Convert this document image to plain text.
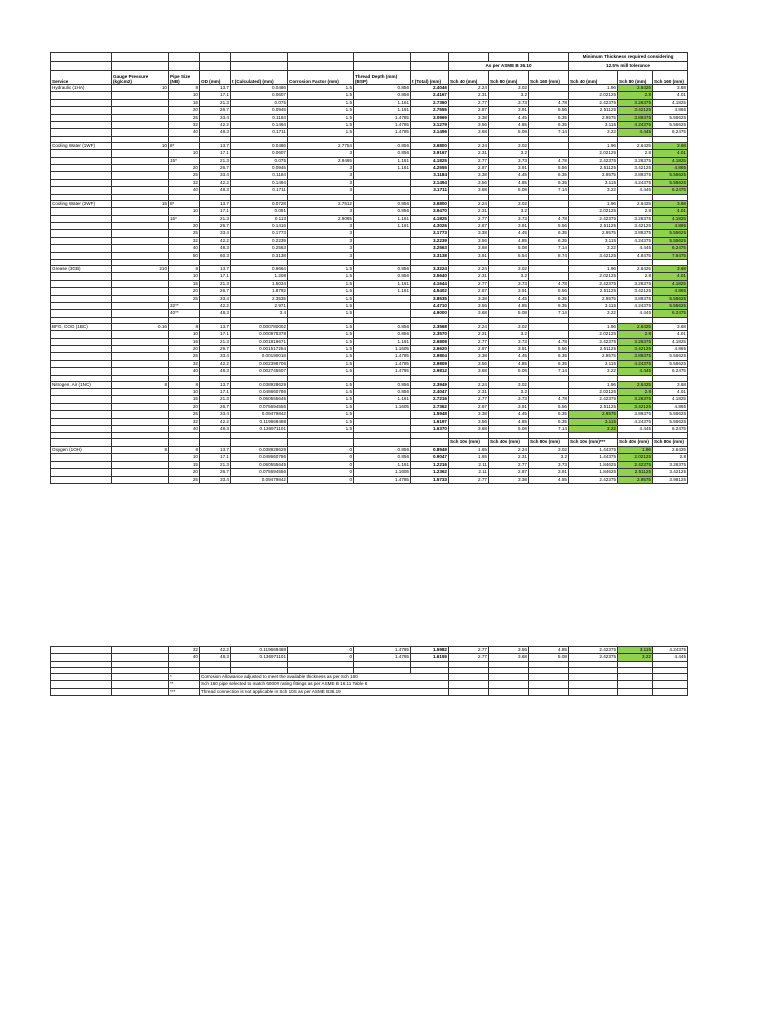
											Minimum Thickness required considering		
								As per ASME B 36.10			12.5% mill tolerance		
Service	Gauge Pressure (kg/cm2)	Pipe Size (NB)	OD (mm)	t (Calculated) (mm)	Corrosion Factor (mm)	Thread Depth (mm) (BSP)	t (Total) (mm)	Sch 40 (mm)	Sch 80 (mm)	Sch 160 (mm)	Sch 40 (mm)	Sch 80 (mm)	Sch 160 (mm)
Hydraulic (1HA)	10	8	13.7	0.0486	1.5	0.856	2.4046	2.24	3.02		1.96	2.6425	3.68
		10	17.1	0.0607	1.5	0.856	2.4167	2.31	3.2		2.02125	2.8	4.01
		15	21.3	0.075	1.5	1.161	2.7360	2.77	3.73	4.78	2.42375	3.26375	4.1825
		20	26.7	0.0945	1.5	1.161	2.7555	2.87	3.91	5.56	2.51125	3.42125	4.865
		25	33.4	0.1184	1.5	1.4785	3.0969	3.38	4.45	6.35	2.9575	3.89375	5.55625
		32	42.2	0.1494	1.5	1.4785	3.1279	3.56	4.85	6.35	3.115	4.24375	5.55625
		40	48.3	0.1711	1.5	1.4785	3.1496	3.68	5.08	7.14	3.22	4.445	6.2475

Cooling Water (1WF)	10	8*	13.7	0.0486	2.7754	0.856	3.6800	2.24	3.02		1.96	2.6425	3.68
		10	17.1	0.0607	3	0.856	3.9167	2.31	3.2		2.02125	2.8	4.01
		15*	21.3	0.075	2.9465	1.161	4.1825	2.77	3.73	4.78	2.42375	3.26375	4.1825
		20	26.7	0.0945	3	1.161	4.2555	2.87	3.91	5.56	2.51125	3.42125	4.865
		25	33.4	0.1184	3		3.1184	3.38	4.45	6.35	2.9575	3.89375	5.55625
		32	42.2	0.1494	3		3.1494	3.56	4.85	6.35	3.115	4.24375	5.55625
		40	48.3	0.1711	3		3.1711	3.68	5.08	7.14	3.22	4.445	6.2475

Cooling Water (2WF)	15	8*	13.7	0.0728	2.7512	0.856	3.6800	2.24	3.02		1.96	2.6425	3.68
		10	17.1	0.091	3	0.856	3.9470	2.31	3.2		2.02125	2.8	4.01
		15*	21.3	0.113	2.9085	1.161	4.1825	2.77	3.73	4.78	2.42375	3.26375	4.1825
		20	26.7	0.1416	3	1.161	4.3026	2.87	3.91	5.56	2.51125	3.42125	4.865
		25	33.4	0.1773	3		3.1773	3.38	4.45	6.35	2.9575	3.89375	5.55625
		32	42.2	0.2239	3		3.2239	3.56	4.85	6.35	3.115	4.24375	5.55625
		40	48.3	0.2563	3		3.2563	3.68	5.08	7.14	3.22	4.445	6.2475
		50	60.3	0.3138	3		3.3138	3.91	5.54	8.74	3.42125	4.8475	7.6475

Grease (3GB)	210	8	13.7	0.9664	1.5	0.856	3.3224	2.24	3.02		1.96	2.6425	3.68
		10	17.1	1.208	1.5	0.856	3.5640	2.31	3.2		2.02125	2.8	4.01
		15	21.3	1.5034	1.5	1.161	4.1644	2.77	3.73	4.78	2.42375	3.26375	4.1825
		20	26.7	1.8792	1.5	1.161	4.5402	2.87	3.91	5.56	2.51125	3.42125	4.865
		25	33.4	2.3535	1.5		3.8535	3.38	4.45	6.35	2.9575	3.89375	5.55625
		32**	42.2	2.971	1.5		4.4710	3.56	4.85	6.35	3.115	4.24375	5.55625
		40**	48.3	3.4	1.5		4.9000	3.68	5.08	7.14	3.22	4.445	6.2475

BFG, COG (1BC)	0.16	8	13.7	0.000780002	1.5	0.856	2.3568	2.24	3.02		1.96	2.6425	3.68
		10	17.1	0.000975378	1.5	0.856	2.3570	2.31	3.2		2.02125	2.8	4.01
		15	21.3	0.001819671	1.5	1.161	2.6808	2.77	3.73	4.78	2.42375	3.26375	4.1825
		20	26.7	0.001517254	1.5	1.1605	2.6620	2.87	3.91	5.56	2.51125	3.42125	4.865
		25	33.4	0.00190018	1.5	1.4785	2.9804	3.38	4.45	6.35	2.9575	3.89375	5.55625
		32	42.2	0.002398706	1.5	1.4785	2.9809	3.56	4.85	6.35	3.115	4.24375	5.55625
		40	48.3	0.002745507	1.5	1.4785	2.9812	3.68	5.08	7.14	3.22	4.445	6.2475

Nitrogen, Air (1NC)	8	8	13.7	0.038928629	1.5	0.856	2.3949	2.24	3.02		1.96	2.6425	3.68
		10	17.1	0.048660786	1.5	0.856	2.4047	2.31	3.2		2.02125	2.8	4.01
		15	21.3	0.060555645	1.5	1.161	2.7216	2.77	3.73	4.78	2.42375	3.26375	4.1825
		20	26.7	0.075694556	1.5	1.1605	2.7362	2.87	3.91	5.56	2.51125	3.42125	4.865
		25	33.4	0.09479842	1.5		1.5948	3.38	4.45	6.35	2.9575	3.89375	5.55625
		32	42.2	0.119669488	1.5		1.6197	3.56	4.85	6.35	3.115	4.24375	5.55625
		40	48.3	0.136971101	1.5		1.6370	3.68	5.08	7.14	3.22	4.445	6.2475

								Sch 10s (mm)	Sch 40s (mm)	Sch 80s (mm)	Sch 10s (mm)***	Sch 40s (mm)	Sch 80s (mm)
Oxygen (1OH)	8	8	13.7	0.038928629	0	0.856	0.8949	1.65	2.24	3.02	1.44375	1.96	2.6425
		10	17.1	0.048660786	0	0.856	0.9047	1.65	2.31	3.2	1.44375	2.02125	2.8
		15	21.3	0.060555645	0	1.161	1.2216	2.11	2.77	3.73	1.84625	2.42375	3.26375
		20	26.7	0.075694556	0	1.1605	1.2362	2.11	2.87	3.91	1.84625	2.51125	3.42125
		25	33.4	0.09479842	0	1.4785	1.5733	2.77	3.38	4.55	2.42375	2.9575	3.98125
		32	42.2	0.119669488	0	1.4785	1.5982	2.77	3.56	4.85	2.42375	3.115	4.24375
		40	48.3	0.136971101	0	1.4785	1.6155	2.77	3.68	5.08	2.42375	3.22	4.445

		*	Corrosion Allowance adjusted to meet the available thickness as per Sch 160										
		**	Sch 160 pipe selected to match 6000# rating fittings as per ASME B 16.11 Table 8										
		***	Thread connection is not applicable in Sch 10S as per ASME B36.19										
